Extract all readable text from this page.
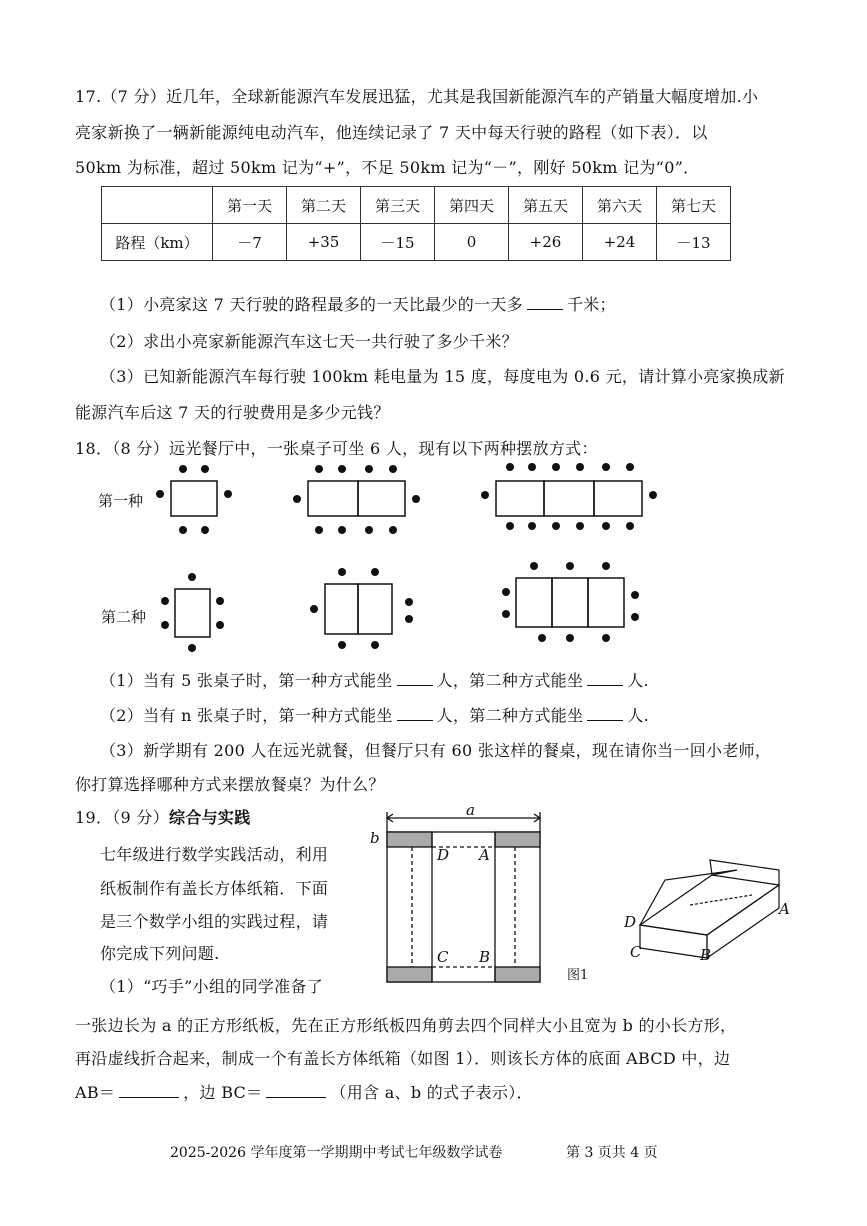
17.（7 分）近几年，全球新能源汽车发展迅猛，尤其是我国新能源汽车的产销量大幅度增加.小
亮家新换了一辆新能源纯电动汽车，他连续记录了 7 天中每天行驶的路程（如下表）．以
50km 为标准，超过 50km 记为“+”，不足 50km 记为“－”，刚好 50km 记为“0”．
	第一天	第二天	第三天	第四天	第五天	第六天	第七天
路程（km）	－7	+35	－15	0	+26	+24	－13
（1）小亮家这 7 天行驶的路程最多的一天比最少的一天多	千米；
（2）求出小亮家新能源汽车这七天一共行驶了多少千米？
（3）已知新能源汽车每行驶 100km 耗电量为 15 度，每度电为 0.6 元，请计算小亮家换成新
能源汽车后这 7 天的行驶费用是多少元钱？
18．（8 分）远光餐厅中，一张桌子可坐 6 人，现有以下两种摆放方式：
第一种
第二种
（1）当有 5 张桌子时，第一种方式能坐	人，第二种方式能坐	人.
（2）当有 n 张桌子时，第一种方式能坐	人，第二种方式能坐	人.
（3）新学期有 200 人在远光就餐，但餐厅只有 60 张这样的餐桌，现在请你当一回小老师，
你打算选择哪种方式来摆放餐桌？为什么？
19．（9 分）综合与实践
七年级进行数学实践活动，利用
纸板制作有盖长方体纸箱．下面
是三个数学小组的实践过程，请
你完成下列问题.
（1）“巧手”小组的同学准备了
一张边长为 a 的正方形纸板，先在正方形纸板四角剪去四个同样大小且宽为 b 的小长方形，
再沿虚线折合起来，制成一个有盖长方体纸箱（如图 1）．则该长方体的底面 ABCD 中，边
AB＝	，边 BC＝	（用含 a、b 的式子表示）．
a
b
D A
C B
图1
D
A
C	B
2025-2026 学年度第一学期期中考试七年级数学试卷	第 3 页共 4 页
